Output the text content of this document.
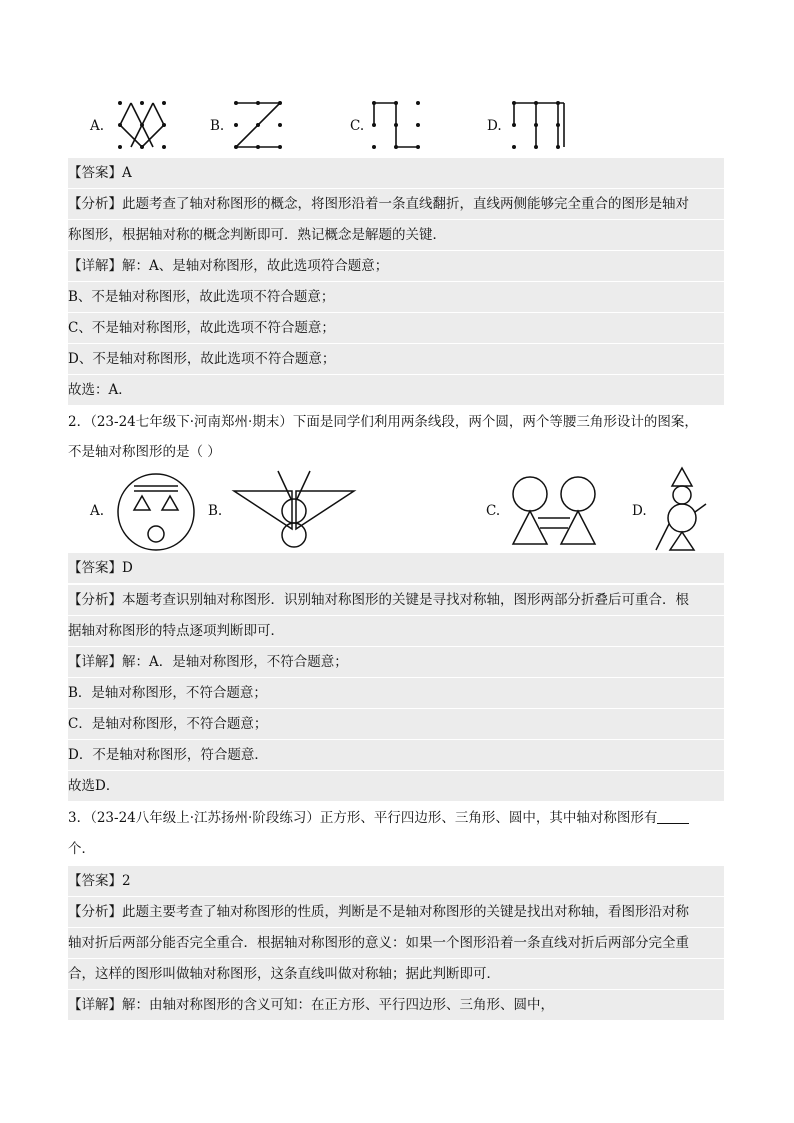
A.	B.	C.	D.
【答案】A
【分析】此题考查了轴对称图形的概念，将图形沿着一条直线翻折，直线两侧能够完全重合的图形是轴对
称图形，根据轴对称的概念判断即可．熟记概念是解题的关键．
【详解】解：A、是轴对称图形，故此选项符合题意；
B、不是轴对称图形，故此选项不符合题意；
C、不是轴对称图形，故此选项不符合题意；
D、不是轴对称图形，故此选项不符合题意；
故选：A．
2．（23-24七年级下·河南郑州·期末）下面是同学们利用两条线段，两个圆，两个等腰三角形设计的图案，
不是轴对称图形的是（ ）
A.	B.	C.	D.
【答案】D
【分析】本题考查识别轴对称图形．识别轴对称图形的关键是寻找对称轴，图形两部分折叠后可重合．根
据轴对称图形的特点逐项判断即可．
【详解】解：A．是轴对称图形，不符合题意；
B．是轴对称图形，不符合题意；
C．是轴对称图形，不符合题意；
D．不是轴对称图形，符合题意．
故选D．
3．（23-24八年级上·江苏扬州·阶段练习）正方形、平行四边形、三角形、圆中，其中轴对称图形有
个．
【答案】2
【分析】此题主要考查了轴对称图形的性质，判断是不是轴对称图形的关键是找出对称轴，看图形沿对称
轴对折后两部分能否完全重合．根据轴对称图形的意义：如果一个图形沿着一条直线对折后两部分完全重
合，这样的图形叫做轴对称图形，这条直线叫做对称轴；据此判断即可．
【详解】解：由轴对称图形的含义可知：在正方形、平行四边形、三角形、圆中，
